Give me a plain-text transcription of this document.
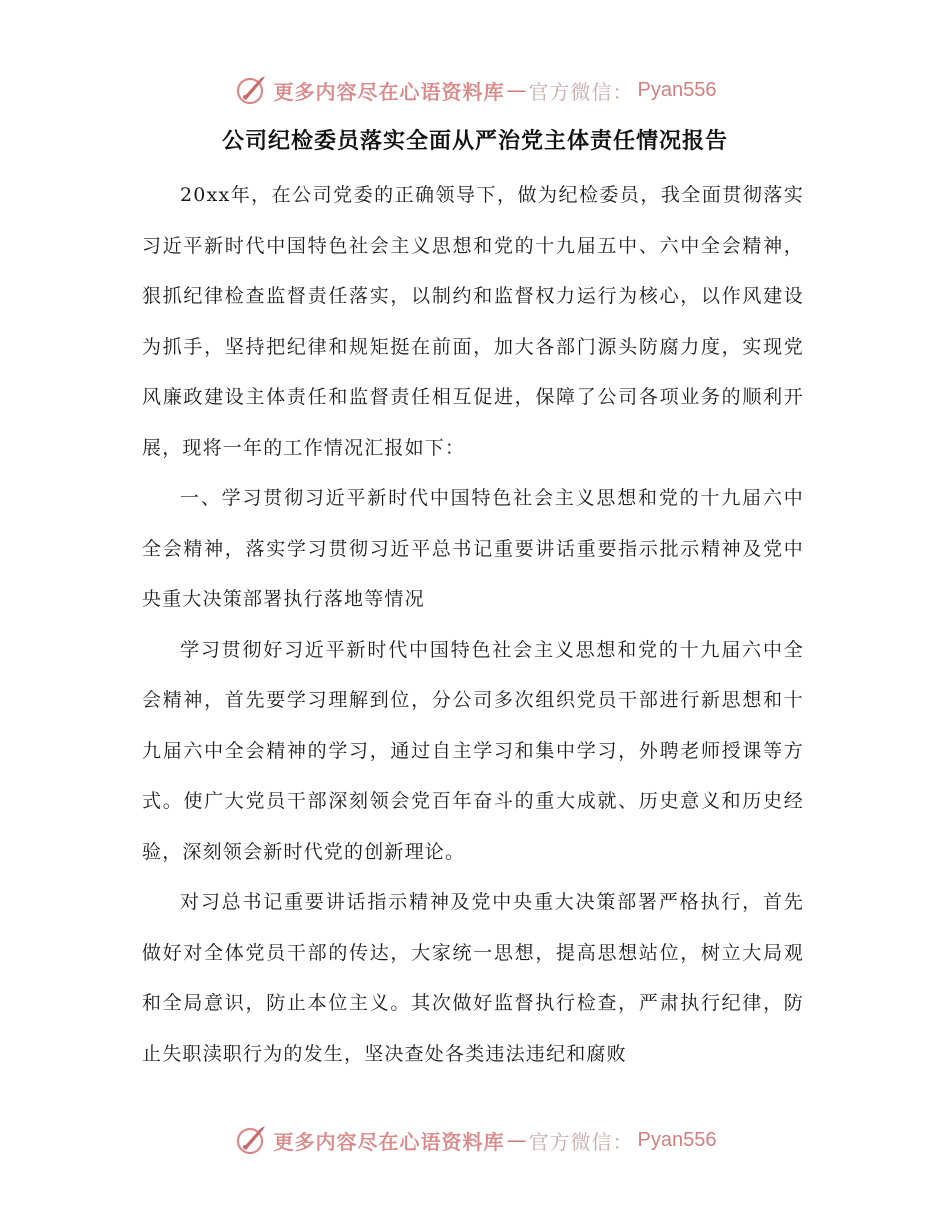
更多内容尽在心语资料库 — 官方微信： Pyan556
公司纪检委员落实全面从严治党主体责任情况报告

20xx年，在公司党委的正确领导下，做为纪检委员，我全面贯彻落实习近平新时代中国特色社会主义思想和党的十九届五中、六中全会精神，狠抓纪律检查监督责任落实，以制约和监督权力运行为核心，以作风建设为抓手，坚持把纪律和规矩挺在前面，加大各部门源头防腐力度，实现党风廉政建设主体责任和监督责任相互促进，保障了公司各项业务的顺利开展，现将一年的工作情况汇报如下：

一、学习贯彻习近平新时代中国特色社会主义思想和党的十九届六中全会精神，落实学习贯彻习近平总书记重要讲话重要指示批示精神及党中央重大决策部署执行落地等情况

学习贯彻好习近平新时代中国特色社会主义思想和党的十九届六中全会精神，首先要学习理解到位，分公司多次组织党员干部进行新思想和十九届六中全会精神的学习，通过自主学习和集中学习，外聘老师授课等方式。使广大党员干部深刻领会党百年奋斗的重大成就、历史意义和历史经验，深刻领会新时代党的创新理论。

对习总书记重要讲话指示精神及党中央重大决策部署严格执行，首先做好对全体党员干部的传达，大家统一思想，提高思想站位，树立大局观和全局意识，防止本位主义。其次做好监督执行检查，严肃执行纪律，防止失职渎职行为的发生，坚决查处各类违法违纪和腐败

更多内容尽在心语资料库 — 官方微信： Pyan556
